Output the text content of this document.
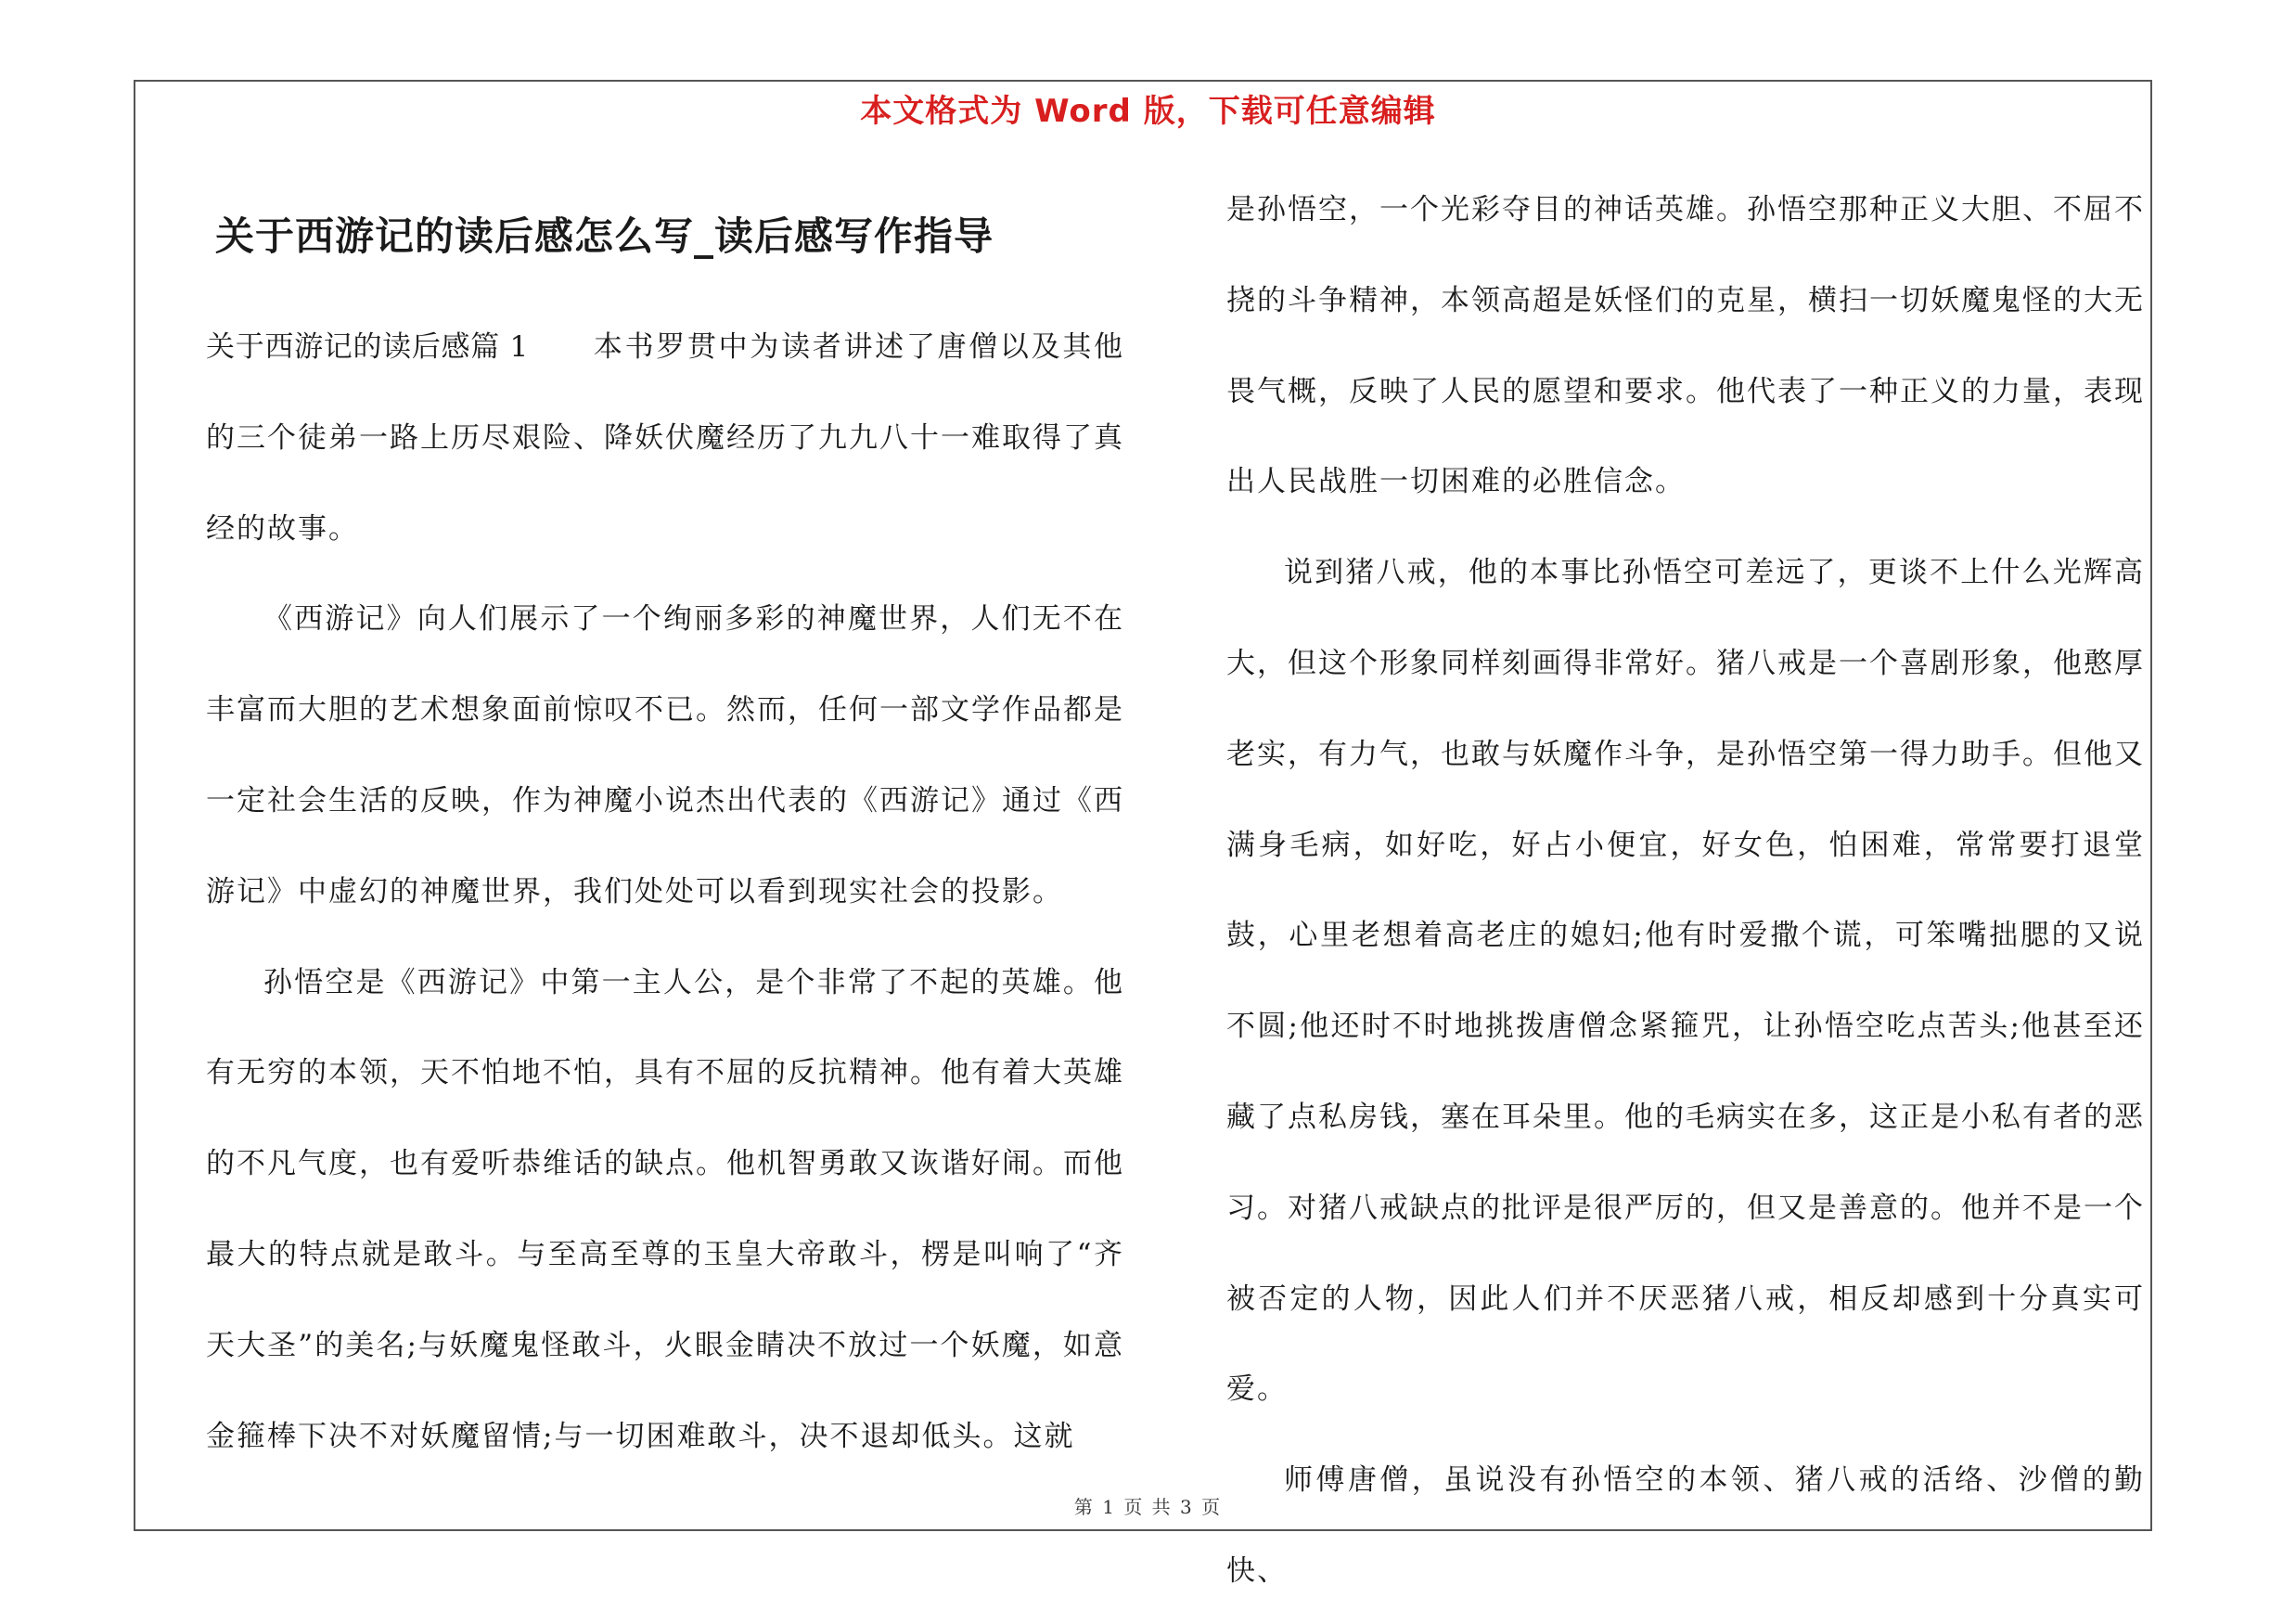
本文格式为 Word 版，下载可任意编辑
关于西游记的读后感怎么写_读后感写作指导

关于西游记的读后感篇 1 本书罗贯中为读者讲述了唐僧以及其他的三个徒弟一路上历尽艰险、降妖伏魔经历了九九八十一难取得了真经的故事。

《西游记》向人们展示了一个绚丽多彩的神魔世界，人们无不在丰富而大胆的艺术想象面前惊叹不已。然而，任何一部文学作品都是一定社会生活的反映，作为神魔小说杰出代表的《西游记》通过《西游记》中虚幻的神魔世界，我们处处可以看到现实社会的投影。

孙悟空是《西游记》中第一主人公，是个非常了不起的英雄。他有无穷的本领，天不怕地不怕，具有不屈的反抗精神。他有着大英雄的不凡气度，也有爱听恭维话的缺点。他机智勇敢又诙谐好闹。而他最大的特点就是敢斗。与至高至尊的玉皇大帝敢斗，楞是叫响了“齐天大圣”的美名;与妖魔鬼怪敢斗，火眼金睛决不放过一个妖魔，如意金箍棒下决不对妖魔留情;与一切困难敢斗，决不退却低头。这就

是孙悟空，一个光彩夺目的神话英雄。孙悟空那种正义大胆、不屈不挠的斗争精神，本领高超是妖怪们的克星，横扫一切妖魔鬼怪的大无畏气概，反映了人民的愿望和要求。他代表了一种正义的力量，表现出人民战胜一切困难的必胜信念。

说到猪八戒，他的本事比孙悟空可差远了，更谈不上什么光辉高大，但这个形象同样刻画得非常好。猪八戒是一个喜剧形象，他憨厚老实，有力气，也敢与妖魔作斗争，是孙悟空第一得力助手。但他又满身毛病，如好吃，好占小便宜，好女色，怕困难，常常要打退堂鼓，心里老想着高老庄的媳妇;他有时爱撒个谎，可笨嘴拙腮的又说不圆;他还时不时地挑拨唐僧念紧箍咒，让孙悟空吃点苦头;他甚至还藏了点私房钱，塞在耳朵里。他的毛病实在多，这正是小私有者的恶习。对猪八戒缺点的批评是很严厉的，但又是善意的。他并不是一个被否定的人物，因此人们并不厌恶猪八戒，相反却感到十分真实可爱。

师傅唐僧，虽说没有孙悟空的本领、猪八戒的活络、沙僧的勤快、

第 1 页 共 3 页
